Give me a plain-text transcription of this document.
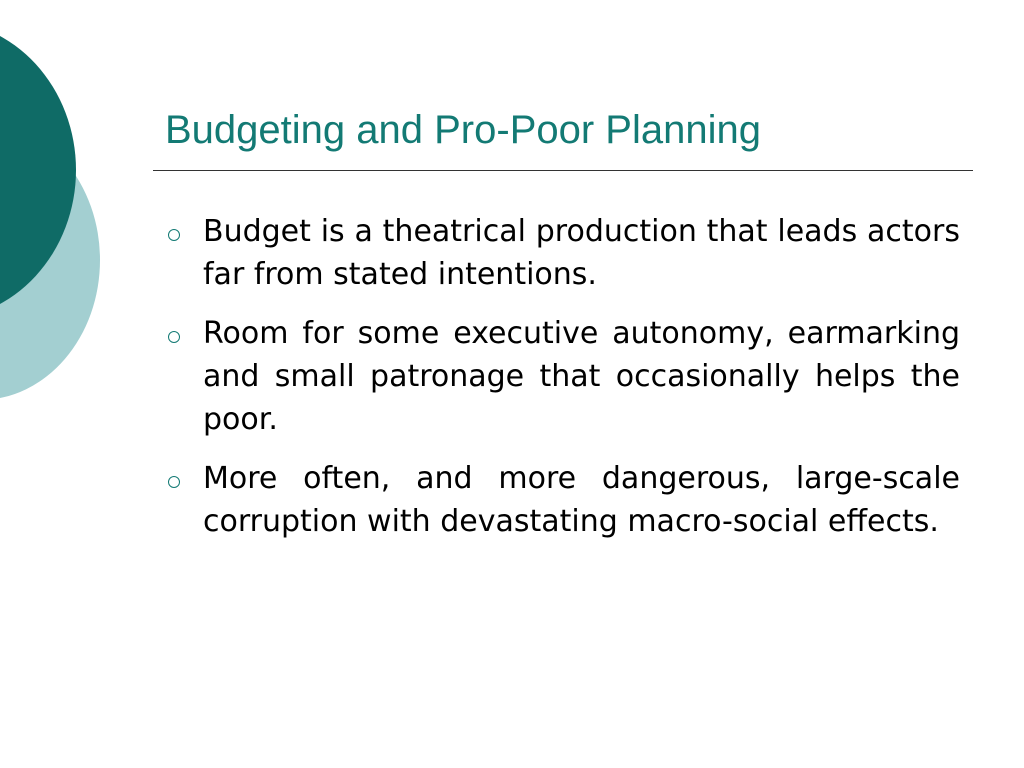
Budgeting and Pro-Poor Planning
Budget is a theatrical production that leads actors far from stated intentions.
Room for some executive autonomy, earmarking and small patronage that occasionally helps the poor.
More often, and more dangerous, large-scale corruption with devastating macro-social effects.
